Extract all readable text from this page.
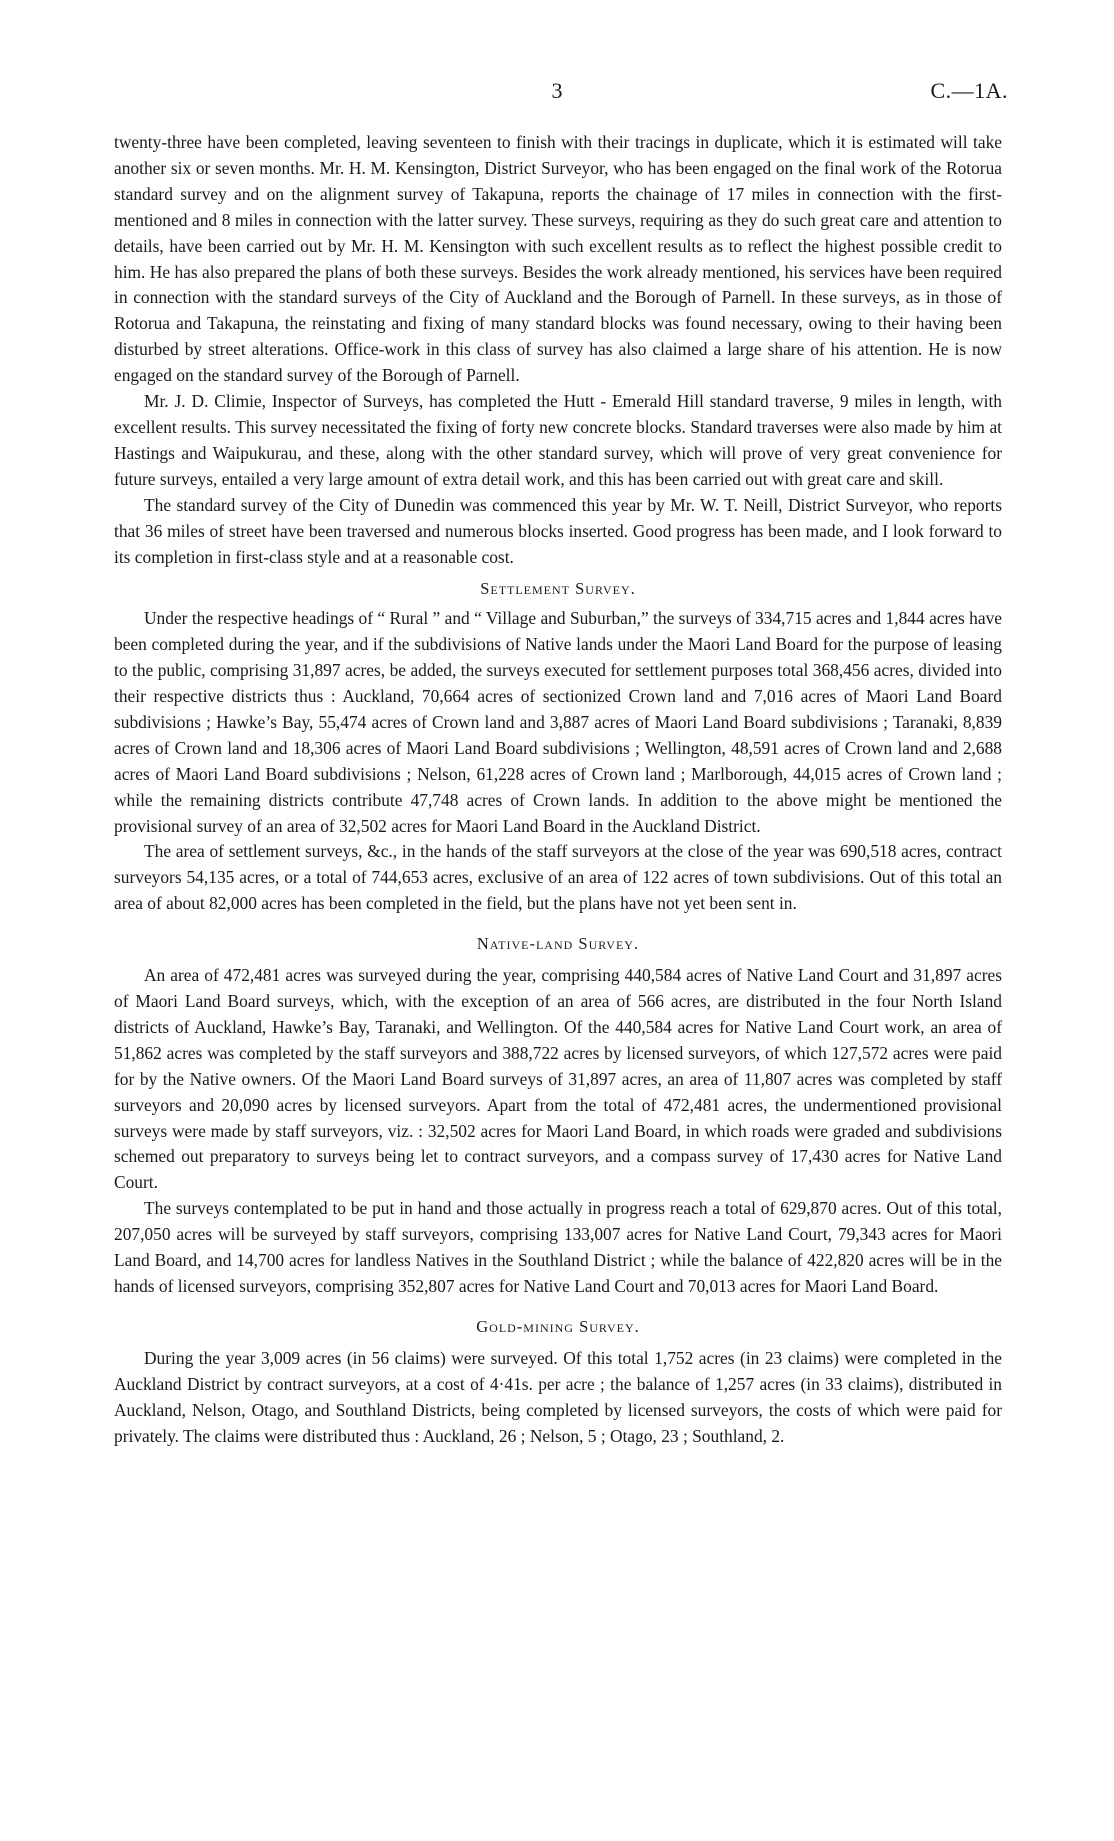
3	C.—1A.

twenty-three have been completed, leaving seventeen to finish with their tracings in duplicate, which it is estimated will take another six or seven months. Mr. H. M. Kensington, District Surveyor, who has been engaged on the final work of the Rotorua standard survey and on the alignment survey of Takapuna, reports the chainage of 17 miles in connection with the first-mentioned and 8 miles in connection with the latter survey. These surveys, requiring as they do such great care and attention to details, have been carried out by Mr. H. M. Kensington with such excellent results as to reflect the highest possible credit to him. He has also prepared the plans of both these surveys. Besides the work already mentioned, his services have been required in connection with the standard surveys of the City of Auckland and the Borough of Parnell. In these surveys, as in those of Rotorua and Takapuna, the reinstating and fixing of many standard blocks was found necessary, owing to their having been disturbed by street alterations. Office-work in this class of survey has also claimed a large share of his attention. He is now engaged on the standard survey of the Borough of Parnell.

Mr. J. D. Climie, Inspector of Surveys, has completed the Hutt - Emerald Hill standard traverse, 9 miles in length, with excellent results. This survey necessitated the fixing of forty new concrete blocks. Standard traverses were also made by him at Hastings and Waipukurau, and these, along with the other standard survey, which will prove of very great convenience for future surveys, entailed a very large amount of extra detail work, and this has been carried out with great care and skill.

The standard survey of the City of Dunedin was commenced this year by Mr. W. T. Neill, District Surveyor, who reports that 36 miles of street have been traversed and numerous blocks inserted. Good progress has been made, and I look forward to its completion in first-class style and at a reasonable cost.

Settlement Survey.

Under the respective headings of “ Rural ” and “ Village and Suburban,” the surveys of 334,715 acres and 1,844 acres have been completed during the year, and if the subdivisions of Native lands under the Maori Land Board for the purpose of leasing to the public, comprising 31,897 acres, be added, the surveys executed for settlement purposes total 368,456 acres, divided into their respective districts thus : Auckland, 70,664 acres of sectionized Crown land and 7,016 acres of Maori Land Board subdivisions ; Hawke’s Bay, 55,474 acres of Crown land and 3,887 acres of Maori Land Board subdivisions ; Taranaki, 8,839 acres of Crown land and 18,306 acres of Maori Land Board subdivisions ; Wellington, 48,591 acres of Crown land and 2,688 acres of Maori Land Board subdivisions ; Nelson, 61,228 acres of Crown land ; Marlborough, 44,015 acres of Crown land ; while the remaining districts contribute 47,748 acres of Crown lands. In addition to the above might be mentioned the provisional survey of an area of 32,502 acres for Maori Land Board in the Auckland District.

The area of settlement surveys, &c., in the hands of the staff surveyors at the close of the year was 690,518 acres, contract surveyors 54,135 acres, or a total of 744,653 acres, exclusive of an area of 122 acres of town subdivisions. Out of this total an area of about 82,000 acres has been completed in the field, but the plans have not yet been sent in.

Native-land Survey.

An area of 472,481 acres was surveyed during the year, comprising 440,584 acres of Native Land Court and 31,897 acres of Maori Land Board surveys, which, with the exception of an area of 566 acres, are distributed in the four North Island districts of Auckland, Hawke’s Bay, Taranaki, and Wellington. Of the 440,584 acres for Native Land Court work, an area of 51,862 acres was completed by the staff surveyors and 388,722 acres by licensed surveyors, of which 127,572 acres were paid for by the Native owners. Of the Maori Land Board surveys of 31,897 acres, an area of 11,807 acres was completed by staff surveyors and 20,090 acres by licensed surveyors. Apart from the total of 472,481 acres, the undermentioned provisional surveys were made by staff surveyors, viz. : 32,502 acres for Maori Land Board, in which roads were graded and subdivisions schemed out preparatory to surveys being let to contract surveyors, and a compass survey of 17,430 acres for Native Land Court.

The surveys contemplated to be put in hand and those actually in progress reach a total of 629,870 acres. Out of this total, 207,050 acres will be surveyed by staff surveyors, comprising 133,007 acres for Native Land Court, 79,343 acres for Maori Land Board, and 14,700 acres for landless Natives in the Southland District ; while the balance of 422,820 acres will be in the hands of licensed surveyors, comprising 352,807 acres for Native Land Court and 70,013 acres for Maori Land Board.

Gold-mining Survey.

During the year 3,009 acres (in 56 claims) were surveyed. Of this total 1,752 acres (in 23 claims) were completed in the Auckland District by contract surveyors, at a cost of 4·41s. per acre ; the balance of 1,257 acres (in 33 claims), distributed in Auckland, Nelson, Otago, and Southland Districts, being completed by licensed surveyors, the costs of which were paid for privately. The claims were distributed thus : Auckland, 26 ; Nelson, 5 ; Otago, 23 ; Southland, 2.
